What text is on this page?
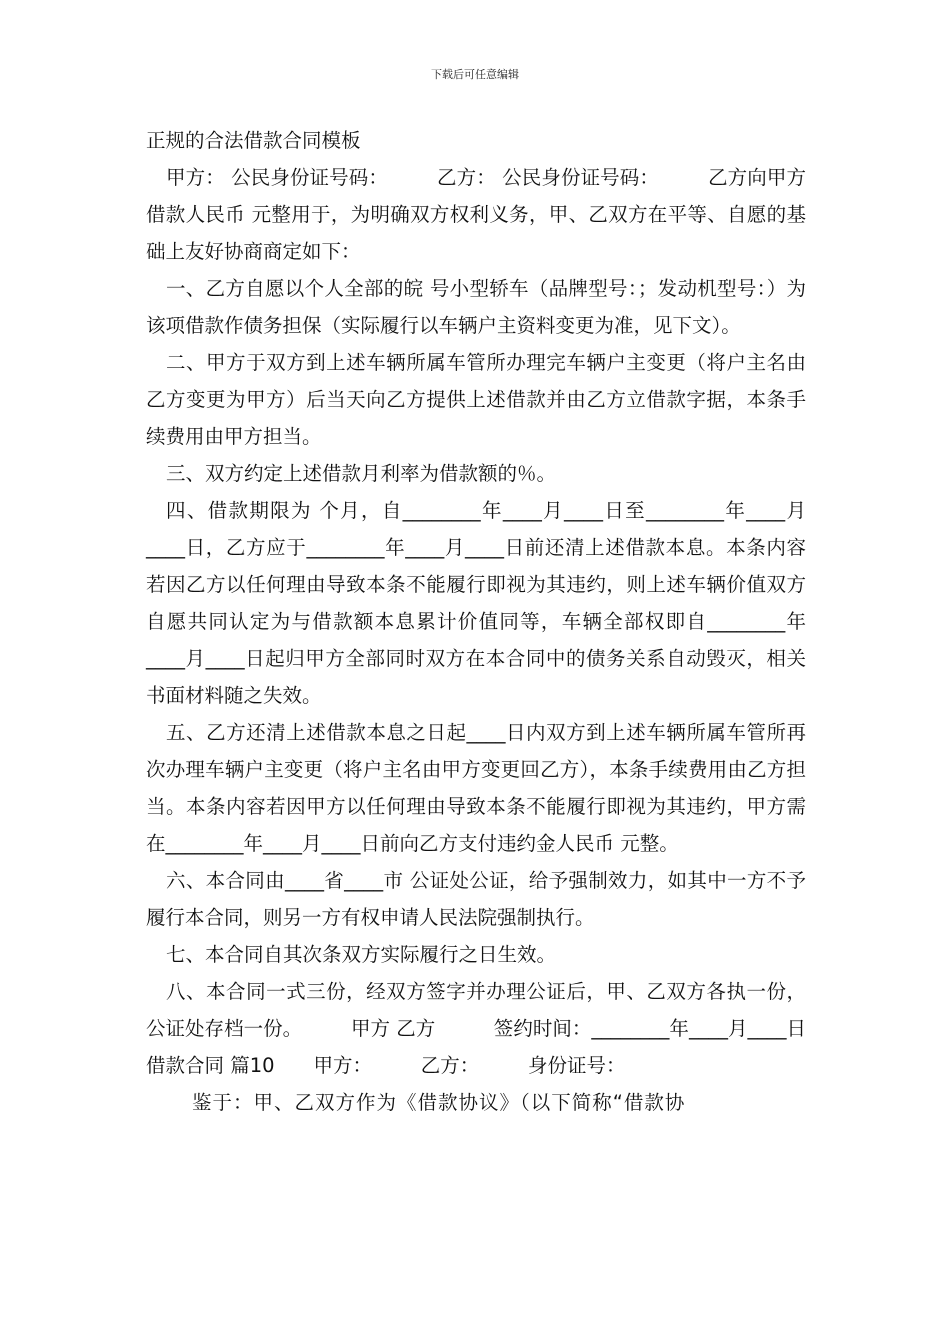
下载后可任意编辑

正规的合法借款合同模板

甲方： 公民身份证号码：　　　乙方： 公民身份证号码：　　　乙方向甲方借款人民币 元整用于，为明确双方权利义务，甲、乙双方在平等、自愿的基础上友好协商商定如下：

一、乙方自愿以个人全部的皖 号小型轿车（品牌型号：；发动机型号：）为该项借款作债务担保（实际履行以车辆户主资料变更为准，见下文）。

二、甲方于双方到上述车辆所属车管所办理完车辆户主变更（将户主名由乙方变更为甲方）后当天向乙方提供上述借款并由乙方立借款字据，本条手续费用由甲方担当。

三、双方约定上述借款月利率为借款额的％。

四、借款期限为 个月，自________年____月____日至________年____月____日，乙方应于________年____月____日前还清上述借款本息。本条内容若因乙方以任何理由导致本条不能履行即视为其违约，则上述车辆价值双方自愿共同认定为与借款额本息累计价值同等，车辆全部权即自________年____月____日起归甲方全部同时双方在本合同中的债务关系自动毁灭，相关书面材料随之失效。

五、乙方还清上述借款本息之日起____日内双方到上述车辆所属车管所再次办理车辆户主变更（将户主名由甲方变更回乙方），本条手续费用由乙方担当。本条内容若因甲方以任何理由导致本条不能履行即视为其违约，甲方需在________年____月____日前向乙方支付违约金人民币 元整。

六、本合同由____省____市 公证处公证，给予强制效力，如其中一方不予履行本合同，则另一方有权申请人民法院强制执行。

七、本合同自其次条双方实际履行之日生效。

八、本合同一式三份，经双方签字并办理公证后，甲、乙双方各执一份，公证处存档一份。　　　甲方 乙方　　　签约时间：________年____月____日借款合同 篇10　　甲方：　　　乙方：　　　身份证号：

鉴于：甲、乙双方作为《借款协议》（以下简称“借款协
